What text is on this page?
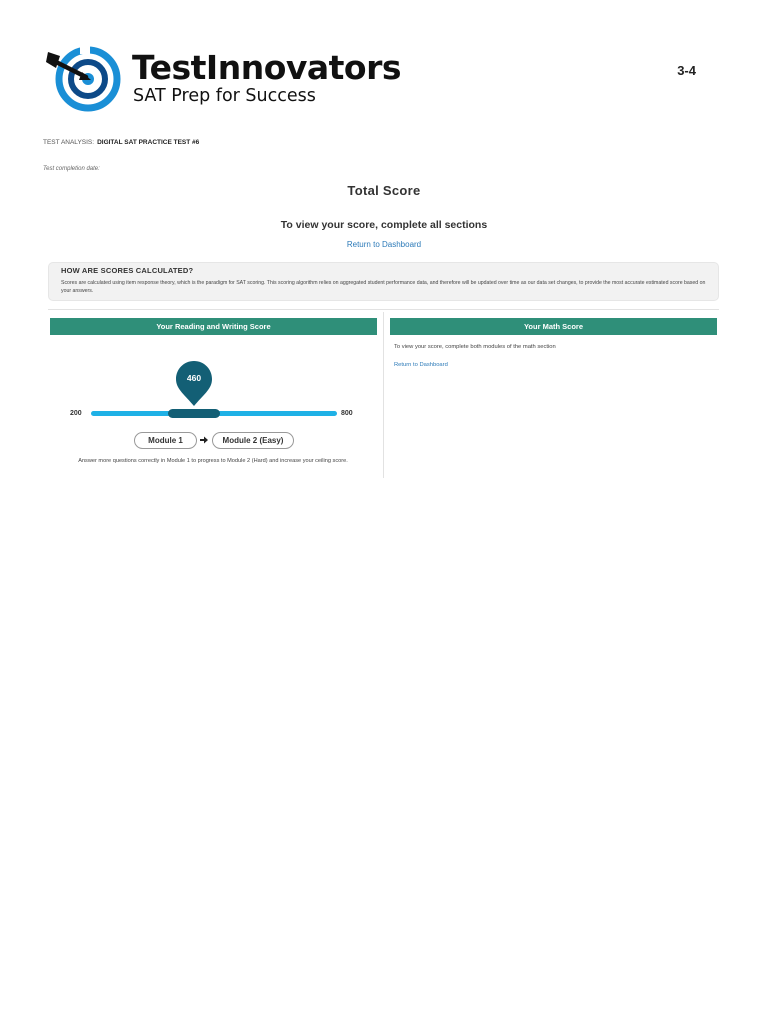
TestInnovators
SAT Prep for Success
3-4
TEST ANALYSIS: DIGITAL SAT PRACTICE TEST #6
Test completion date:
Total Score
To view your score, complete all sections
Return to Dashboard
HOW ARE SCORES CALCULATED?
Scores are calculated using item response theory, which is the paradigm for SAT scoring. This scoring algorithm relies on aggregated student performance data, and therefore will be updated over time as our data set changes, to provide the most accurate estimated score based on your answers.
Your Reading and Writing Score
460
200	800
Module 1	Module 2 (Easy)
Answer more questions correctly in Module 1 to progress to Module 2 (Hard) and increase your ceiling score.
Your Math Score
To view your score, complete both modules of the math section
Return to Dashboard
